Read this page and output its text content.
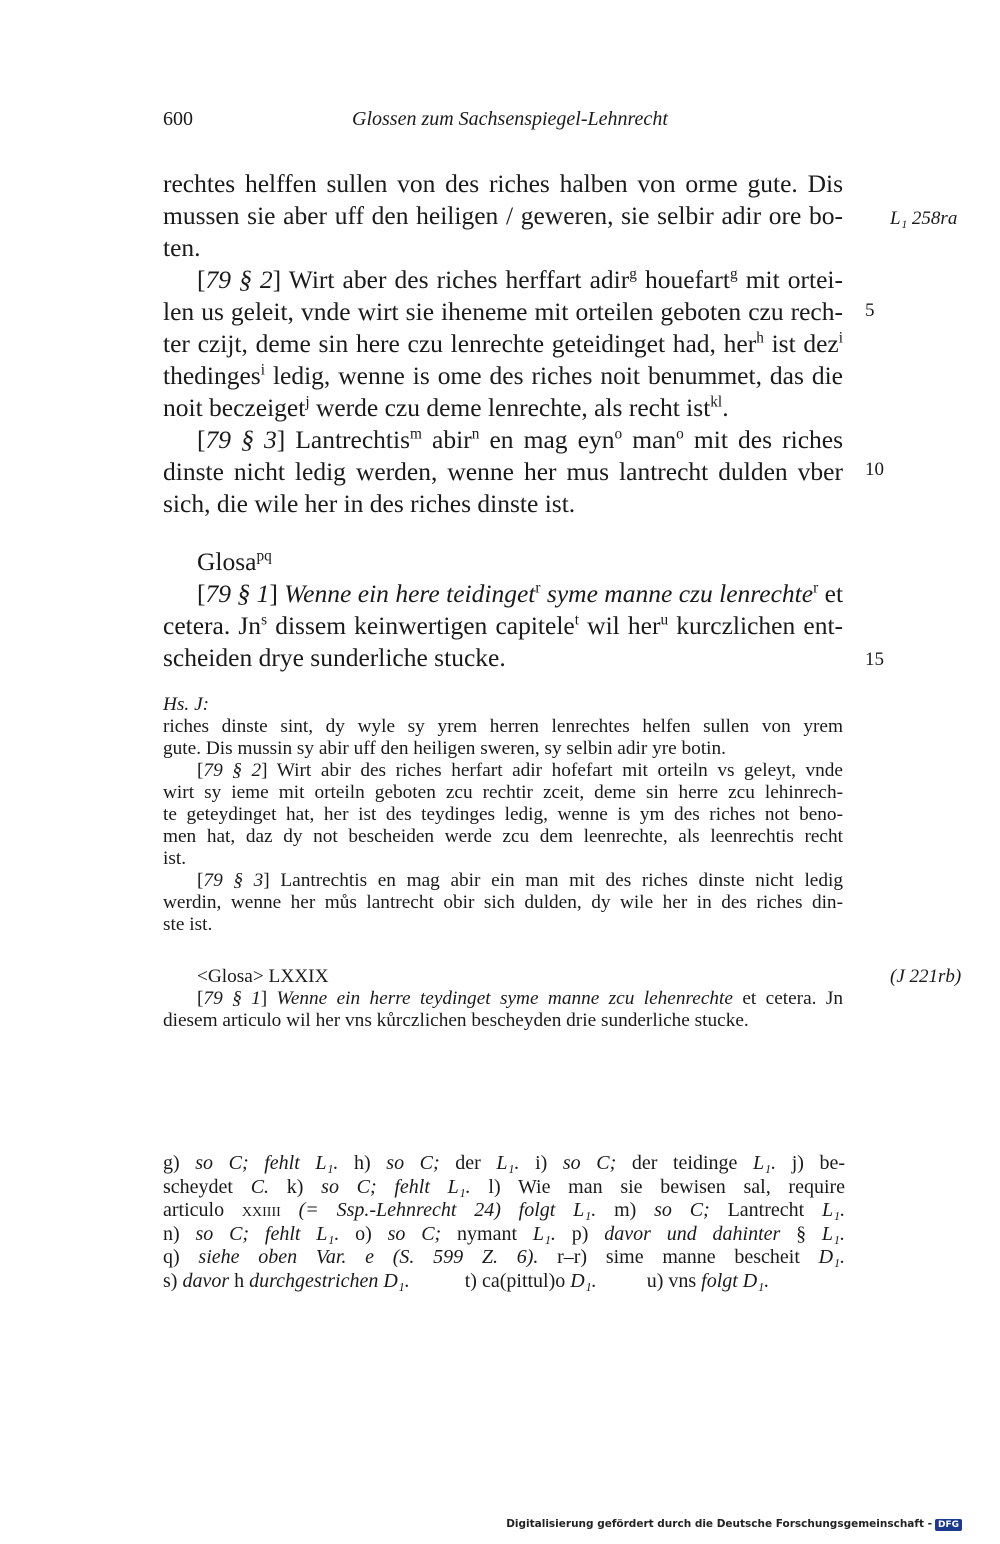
600	Glossen zum Sachsenspiegel-Lehnrecht
L₁ 258ra
(J 221rb)
5
10
15
rechtes helffen sullen von des riches halben von orme gute. Dis
mussen sie aber uff den heiligen / geweren, sie selbir adir ore bo-
ten.
[79 § 2] Wirt aber des riches herffart adir$^g$ houefart$^g$ mit ortei-
len us geleit, vnde wirt sie iheneme mit orteilen geboten czu rech-
ter czijt, deme sin here czu lenrechte geteidinget had, her$^h$ ist dez$^i$
thedinges$^i$ ledig, wenne is ome des riches noit benummet, das die
noit beczeiget$^j$ werde czu deme lenrechte, als recht ist$^{kl}$.
[79 § 3] Lantrechtis$^m$ abir$^n$ en mag eyn$^o$ man$^o$ mit des riches
dinste nicht ledig werden, wenne her mus lantrecht dulden vber
sich, die wile her in des riches dinste ist.
Glosa$^{pq}$
[79 § 1] Wenne ein here teidinget$^r$ syme manne czu lenrechte$^r$ et
cetera. Jn$^s$ dissem keinwertigen capitele$^t$ wil her$^u$ kurczlichen ent-
scheiden drye sunderliche stucke.
Hs. J:
riches dinste sint, dy wyle sy yrem herren lenrechtes helfen sullen von yrem
gute. Dis mussin sy abir uff den heiligen sweren, sy selbin adir yre botin.
[79 § 2] Wirt abir des riches herfart adir hofefart mit orteiln vs geleyt, vnde
wirt sy ieme mit orteiln geboten zcu rechtir zceit, deme sin herre zcu lehinrech-
te geteydinget hat, her ist des teydinges ledig, wenne is ym des riches not beno-
men hat, daz dy not bescheiden werde zcu dem leenrechte, als leenrechtis recht
ist.
[79 § 3] Lantrechtis en mag abir ein man mit des riches dinste nicht ledig
werdin, wenne her můs lantrecht obir sich dulden, dy wile her in des riches din-
ste ist.
<Glosa> LXXIX
[79 § 1] Wenne ein herre teydinget syme manne zcu lehenrechte et cetera. Jn
diesem articulo wil her vns kůrczlichen bescheyden drie sunderliche stucke.
g) so C; fehlt L₁. h) so C; der L₁. i) so C; der teidinge L₁. j) be-
scheydet C. k) so C; fehlt L₁. l) Wie man sie bewisen sal, require
articulo xxiiii (= Ssp.-Lehnrecht 24) folgt L₁. m) so C; Lantrecht L₁.
n) so C; fehlt L₁. o) so C; nymant L₁. p) davor und dahinter § L₁.
q) siehe oben Var. e (S. 599 Z. 6). r–r) sime manne bescheit D₁.
s) davor h durchgestrichen D₁.	t) ca(pittul)o D₁.	u) vns folgt D₁.
Digitalisierung gefördert durch die Deutsche Forschungsgemeinschaft - DFG
